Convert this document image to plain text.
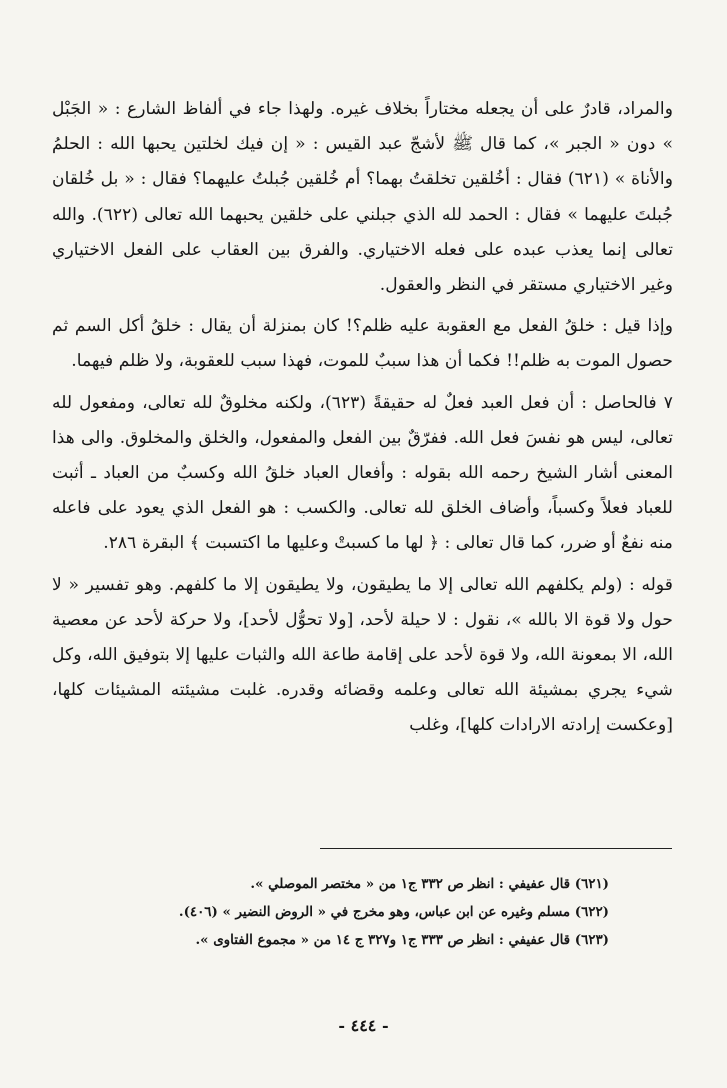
والمراد، قادرٌ على أن يجعله مختاراً بخلاف غيره. ولهذا جاء في ألفاظ الشارع : « الجَبْل » دون « الجبر »، كما قال ﷺ لأشجّ عبد القيس : « إن فيك لخلتين يحبها الله : الحلمُ والأناة » (٦٢١) فقال : أخُلقين تخلقتُ بهما؟ أم خُلقين جُبلتُ عليهما؟ فقال : « بل خُلقان جُبلتَ عليهما » فقال : الحمد لله الذي جبلني على خلقين يحبهما الله تعالى (٦٢٢). والله تعالى إنما يعذب عبده على فعله الاختياري. والفرق بين العقاب على الفعل الاختياري وغير الاختياري مستقر في النظر والعقول.

وإذا قيل : خلقُ الفعل مع العقوبة عليه ظلم؟! كان بمنزلة أن يقال : خلقُ أكل السم ثم حصول الموت به ظلم!! فكما أن هذا سببٌ للموت، فهذا سبب للعقوبة، ولا ظلم فيهما.

٧ فالحاصل : أن فعل العبد فعلٌ له حقيقةً (٦٢٣)، ولكنه مخلوقٌ لله تعالى، ومفعول لله تعالى، ليس هو نفسَ فعل الله. ففرّقٌ بين الفعل والمفعول، والخلق والمخلوق. والى هذا المعنى أشار الشيخ رحمه الله بقوله : وأفعال العباد خلقُ الله وكسبٌ من العباد ـ أثبت للعباد فعلاً وكسباً، وأضاف الخلق لله تعالى. والكسب : هو الفعل الذي يعود على فاعله منه نفعٌ أو ضرر، كما قال تعالى : ﴿ لها ما كسبتْ وعليها ما اكتسبت ﴾ البقرة ٢٨٦.

قوله : (ولم يكلفهم الله تعالى إلا ما يطيقون، ولا يطيقون إلا ما كلفهم. وهو تفسير « لا حول ولا قوة الا بالله »، نقول : لا حيلة لأحد، [ولا تحوُّل لأحد]، ولا حركة لأحد عن معصية الله، الا بمعونة الله، ولا قوة لأحد على إقامة طاعة الله والثبات عليها إلا بتوفيق الله، وكل شيء يجري بمشيئة الله تعالى وعلمه وقضائه وقدره. غلبت مشيئته المشيئات كلها، [وعكست إرادته الارادات كلها]، وغلب

(٦٢١) قال عفيفي : انظر ص ٣٣٢ ج١ من « مختصر الموصلي ».

(٦٢٢) مسلم وغيره عن ابن عباس، وهو مخرج في « الروض النضير » (٤٠٦).

(٦٢٣) قال عفيفي : انظر ص ٣٣٣ ج١ و٣٢٧ ج ١٤ من « مجموع الفتاوى ».

- ٤٤٤ -
